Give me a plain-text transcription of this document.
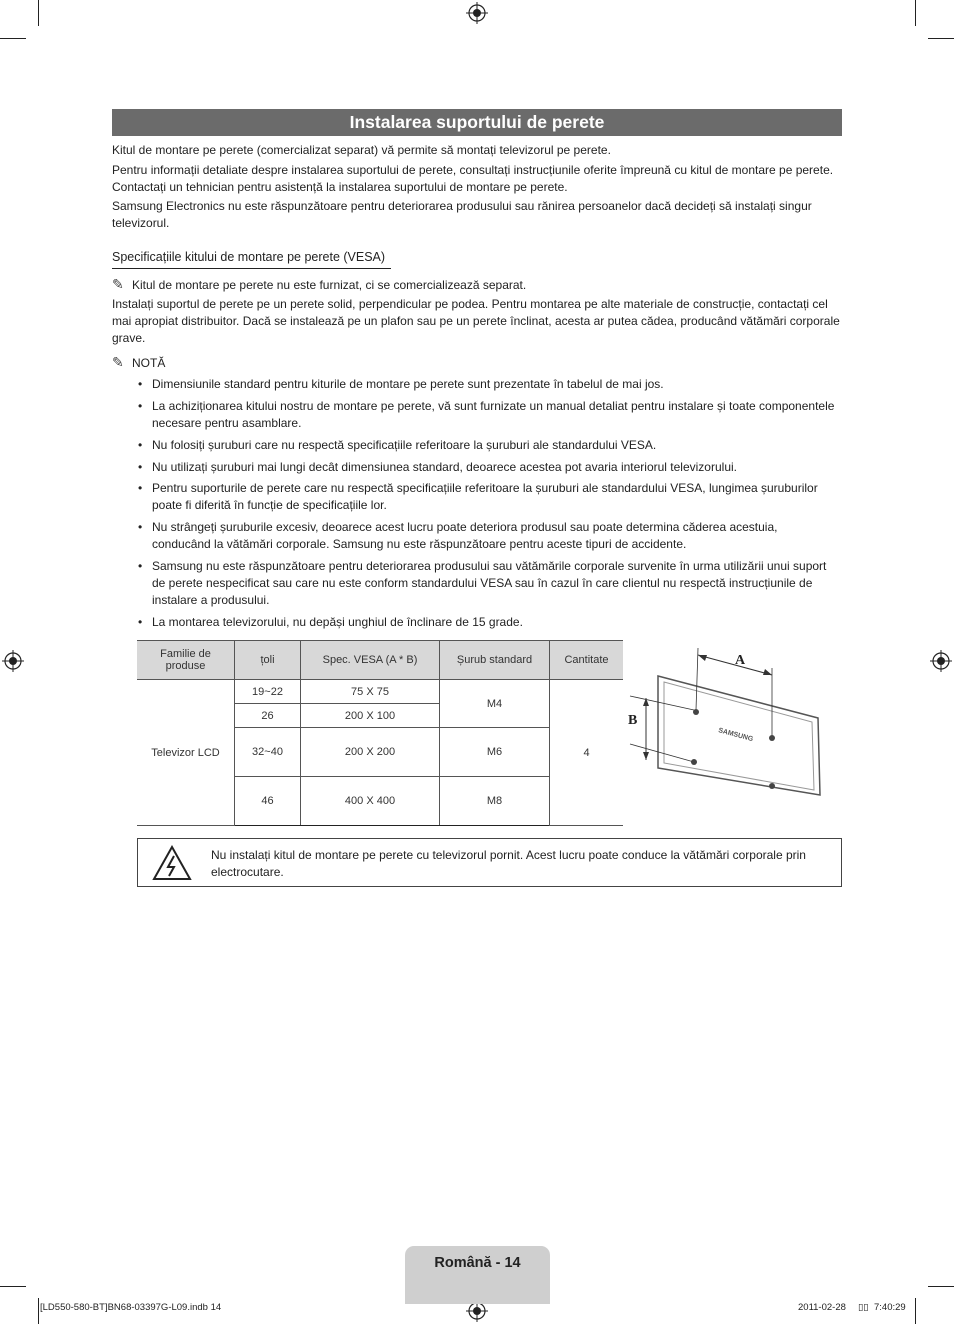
Instalarea suportului de perete
Kitul de montare pe perete (comercializat separat) vă permite să montați televizorul pe perete.
Pentru informații detaliate despre instalarea suportului de perete, consultați instrucțiunile oferite împreună cu kitul de montare pe perete. Contactați un tehnician pentru asistență la instalarea suportului de montare pe perete.
Samsung Electronics nu este răspunzătoare pentru deteriorarea produsului sau rănirea persoanelor dacă decideți să instalați singur televizorul.
Specificațiile kitului de montare pe perete (VESA)
✎ Kitul de montare pe perete nu este furnizat, ci se comercializează separat.
Instalați suportul de perete pe un perete solid, perpendicular pe podea. Pentru montarea pe alte materiale de construcție, contactați cel mai apropiat distribuitor. Dacă se instalează pe un plafon sau pe un perete înclinat, acesta ar putea cădea, producând vătămări corporale grave.
✎ NOTĂ
• Dimensiunile standard pentru kiturile de montare pe perete sunt prezentate în tabelul de mai jos.
• La achiziționarea kitului nostru de montare pe perete, vă sunt furnizate un manual detaliat pentru instalare și toate componentele necesare pentru asamblare.
• Nu folosiți șuruburi care nu respectă specificațiile referitoare la șuruburi ale standardului VESA.
• Nu utilizați șuruburi mai lungi decât dimensiunea standard, deoarece acestea pot avaria interiorul televizorului.
• Pentru suporturile de perete care nu respectă specificațiile referitoare la șuruburi ale standardului VESA, lungimea șuruburilor poate fi diferită în funcție de specificațiile lor.
• Nu strângeți șuruburile excesiv, deoarece acest lucru poate deteriora produsul sau poate determina căderea acestuia, conducând la vătămări corporale. Samsung nu este răspunzătoare pentru aceste tipuri de accidente.
• Samsung nu este răspunzătoare pentru deteriorarea produsului sau vătămările corporale survenite în urma utilizării unui suport de perete nespecificat sau care nu este conform standardului VESA sau în cazul în care clientul nu respectă instrucțiunile de instalare a produsului.
• La montarea televizorului, nu depăși unghiul de înclinare de 15 grade.
Familie de produse	țoli	Spec. VESA (A * B)	Șurub standard	Cantitate
Televizor LCD	19~22	75 X 75	M4	4
	26	200 X 100		
	32~40	200 X 200	M6	
	46	400 X 400	M8	
A
B
SAMSUNG
Nu instalați kitul de montare pe perete cu televizorul pornit. Acest lucru poate conduce la vătămări corporale prin electrocutare.
Română - 14
[LD550-580-BT]BN68-03397G-L09.indb 14	2011-02-28 ▯▯ 7:40:29
